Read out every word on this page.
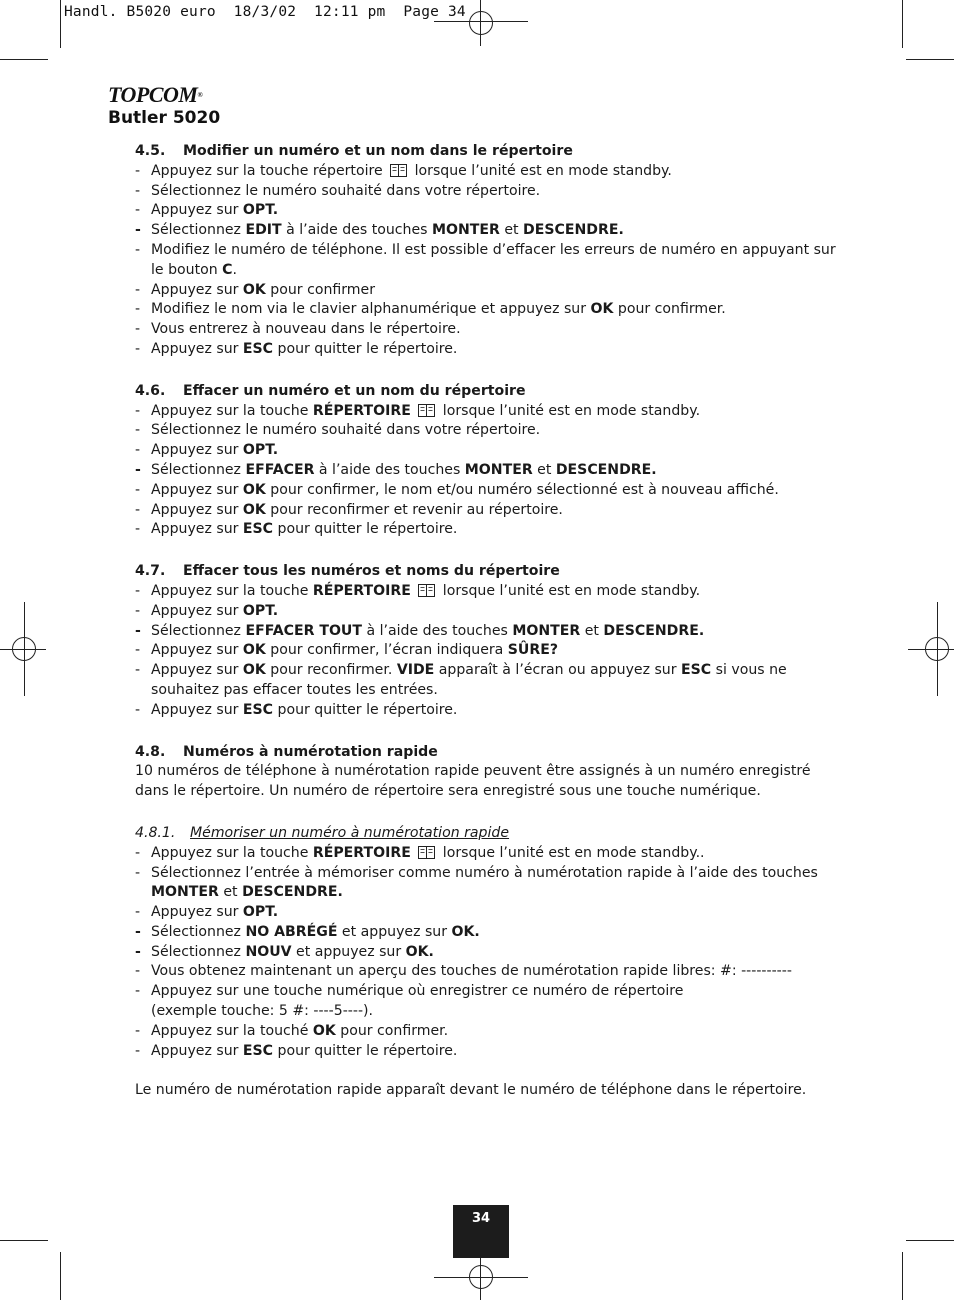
Handl. B5020 euro  18/3/02  12:11 pm  Page 34
TOPCOM®
Butler 5020
4.5. Modifier un numéro et un nom dans le répertoire
- Appuyez sur la touche répertoire  lorsque l’unité est en mode standby.
- Sélectionnez le numéro souhaité dans votre répertoire.
- Appuyez sur OPT.
- Sélectionnez EDIT à l’aide des touches MONTER et DESCENDRE.
- Modifiez le numéro de téléphone. Il est possible d’effacer les erreurs de numéro en appuyant sur le bouton C.
- Appuyez sur OK pour confirmer
- Modifiez le nom via le clavier alphanumérique et appuyez sur OK pour confirmer.
- Vous entrerez à nouveau dans le répertoire.
- Appuyez sur ESC pour quitter le répertoire.
4.6. Effacer un numéro et un nom du répertoire
- Appuyez sur la touche RÉPERTOIRE  lorsque l’unité est en mode standby.
- Sélectionnez le numéro souhaité dans votre répertoire.
- Appuyez sur OPT.
- Sélectionnez EFFACER à l’aide des touches MONTER et DESCENDRE.
- Appuyez sur OK pour confirmer, le nom et/ou numéro sélectionné est à nouveau affiché.
- Appuyez sur OK pour reconfirmer et revenir au répertoire.
- Appuyez sur ESC pour quitter le répertoire.
4.7. Effacer tous les numéros et noms du répertoire
- Appuyez sur la touche RÉPERTOIRE  lorsque l’unité est en mode standby.
- Appuyez sur OPT.
- Sélectionnez EFFACER TOUT à l’aide des touches MONTER et DESCENDRE.
- Appuyez sur OK pour confirmer, l’écran indiquera SÛRE?
- Appuyez sur OK pour reconfirmer. VIDE apparaît à l’écran ou appuyez sur ESC si vous ne souhaitez pas effacer toutes les entrées.
- Appuyez sur ESC pour quitter le répertoire.
4.8. Numéros à numérotation rapide

10 numéros de téléphone à numérotation rapide peuvent être assignés à un numéro enregistré dans le répertoire. Un numéro de répertoire sera enregistré sous une touche numérique.

4.8.1. Mémoriser un numéro à numérotation rapide
- Appuyez sur la touche RÉPERTOIRE  lorsque l’unité est en mode standby..
- Sélectionnez l’entrée à mémoriser comme numéro à numérotation rapide à l’aide des touches MONTER et DESCENDRE.
- Appuyez sur OPT.
- Sélectionnez NO ABRÉGÉ et appuyez sur OK.
- Sélectionnez NOUV et appuyez sur OK.
- Vous obtenez maintenant un aperçu des touches de numérotation rapide libres: #: ----------
- Appuyez sur une touche numérique où enregistrer ce numéro de répertoire
(exemple touche: 5 #: ----5----).
- Appuyez sur la touché OK pour confirmer.
- Appuyez sur ESC pour quitter le répertoire.

Le numéro de numérotation rapide apparaît devant le numéro de téléphone dans le répertoire.

34
